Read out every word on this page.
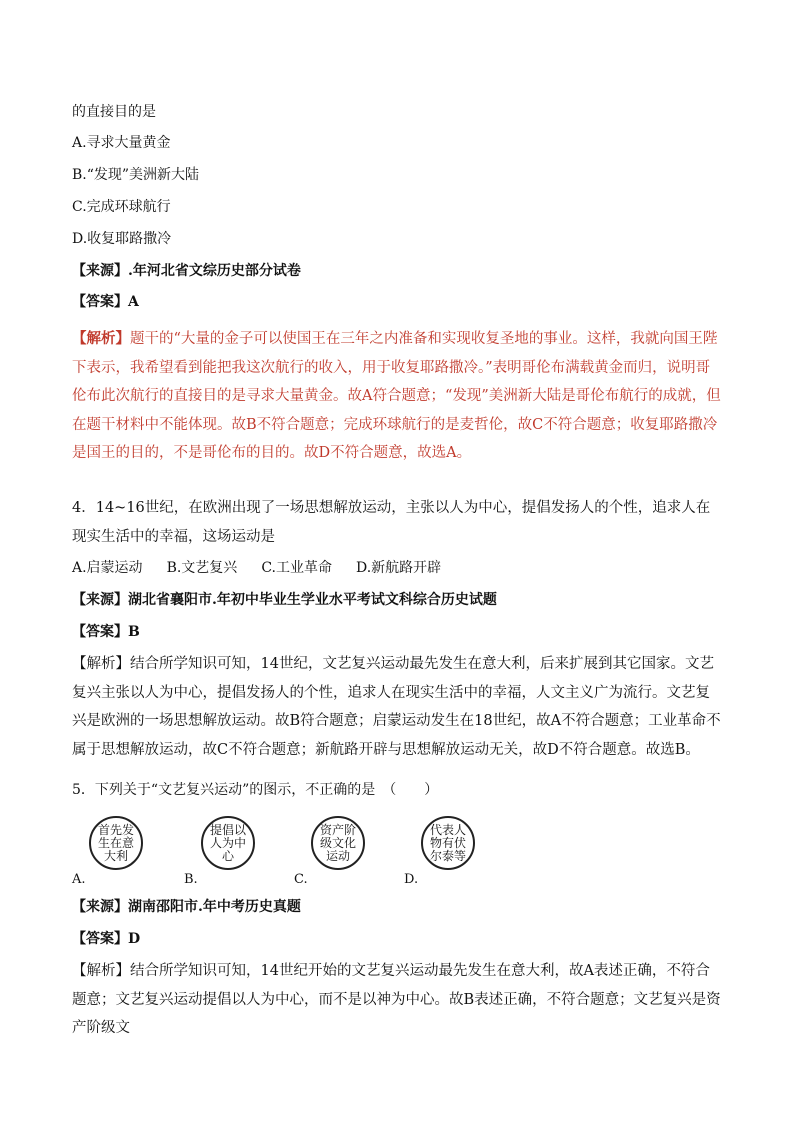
的直接目的是
A.寻求大量黄金
B.“发现”美洲新大陆
C.完成环球航行
D.收复耶路撒冷
【来源】.年河北省文综历史部分试卷
【答案】A
【解析】题干的“大量的金子可以使国王在三年之内准备和实现收复圣地的事业。这样，我就向国王陛下表示，我希望看到能把我这次航行的收入，用于收复耶路撒冷。”表明哥伦布满载黄金而归，说明哥伦布此次航行的直接目的是寻求大量黄金。故A符合题意；“发现”美洲新大陆是哥伦布航行的成就，但在题干材料中不能体现。故B不符合题意；完成环球航行的是麦哲伦，故C不符合题意；收复耶路撒冷是国王的目的，不是哥伦布的目的。故D不符合题意，故选A。
4．14~16世纪，在欧洲出现了一场思想解放运动，主张以人为中心，提倡发扬人的个性，追求人在现实生活中的幸福，这场运动是
A.启蒙运动 B.文艺复兴 C.工业革命 D.新航路开辟
【来源】湖北省襄阳市.年初中毕业生学业水平考试文科综合历史试题
【答案】B
【解析】结合所学知识可知，14世纪，文艺复兴运动最先发生在意大利，后来扩展到其它国家。文艺复兴主张以人为中心，提倡发扬人的个性，追求人在现实生活中的幸福，人文主义广为流行。文艺复兴是欧洲的一场思想解放运动。故B符合题意；启蒙运动发生在18世纪，故A不符合题意；工业革命不属于思想解放运动，故C不符合题意；新航路开辟与思想解放运动无关，故D不符合题意。故选B。
5．下列关于“文艺复兴运动”的图示，不正确的是　（　　）
首先发生在意大利
A.
提倡以人为中心
B.
资产阶级文化运动
C.
代表人物有伏尔泰等
D.
【来源】湖南邵阳市.年中考历史真题
【答案】D
【解析】结合所学知识可知，14世纪开始的文艺复兴运动最先发生在意大利，故A表述正确，不符合题意；文艺复兴运动提倡以人为中心，而不是以神为中心。故B表述正确，不符合题意；文艺复兴是资产阶级文
